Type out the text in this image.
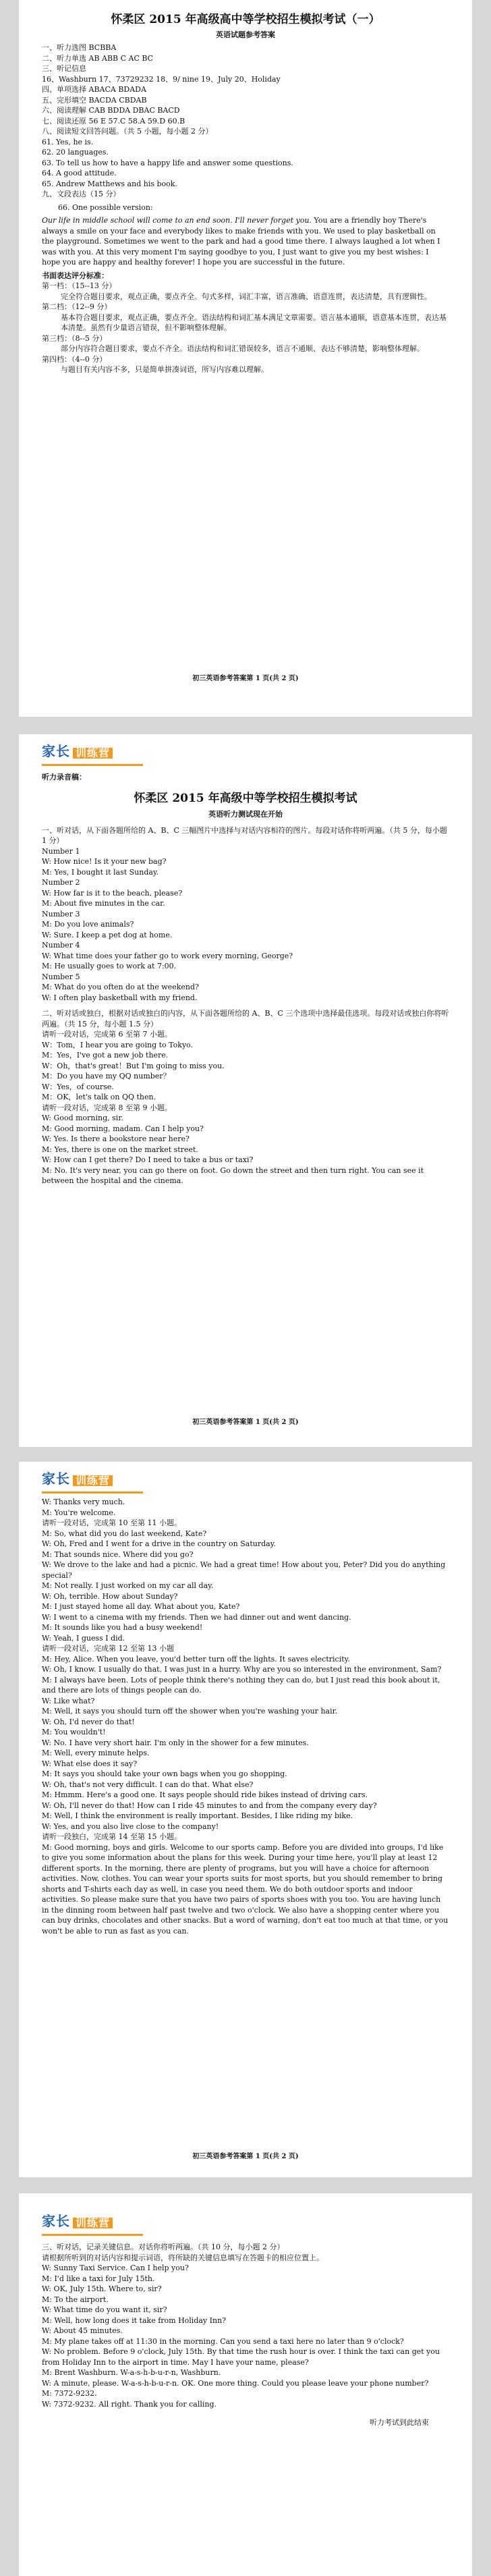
怀柔区 2015 年高级高中等学校招生模拟考试（一）
英语试题参考答案

一、听力选图 BCBBA

二、听力单选 AB ABB C AC BC

三、听记信息

16、Washburn 17、73729232 18、9/ nine 19、July 20、Holiday

四、单项选择 ABACA BDADA

五、完形填空 BACDA CBDAB

六、阅读理解 CAB BDDA DBAC BACD

七、阅读还原 56 E 57.C 58.A 59.D 60.B

八、阅读短文回答问题。（共 5 小题，每小题 2 分）

61. Yes, he is.

62. 20 languages.

63. To tell us how to have a happy life and answer some questions.

64. A good attitude.

65. Andrew Matthews and his book.

九、文段表达（15 分）

66. One possible version:

Our life in middle school will come to an end soon. I'll never forget you. You are a friendly boy There's always a smile on your face and everybody likes to make friends with you. We used to play basketball on the playground. Sometimes we went to the park and had a good time there. I always laughed a lot when I was with you. At this very moment I'm saying goodbye to you, I just want to give you my best wishes: I hope you are happy and healthy forever! I hope you are successful in the future.

书面表达评分标准：

第一档：（15--13 分）

完全符合题目要求，观点正确，要点齐全。句式多样，词汇丰富，语言准确、语意连贯，表达清楚，具有逻辑性。

第二档：（12--9 分）

基本符合题目要求，观点正确，要点齐全。语法结构和词汇基本满足文章需要。语言基本通顺，语意基本连贯，表达基本清楚。虽然有少量语言错误，但不影响整体理解。

第三档：（8--5 分）

部分内容符合题目要求，要点不齐全。语法结构和词汇错误较多，语言不通顺、表达不够清楚，影响整体理解。

第四档：（4--0 分）

与题目有关内容不多，只是简单拼凑词语，所写内容难以理解。

初三英语参考答案第 1 页(共 2 页)
家长 训练营
听力录音稿：
怀柔区 2015 年高级中等学校招生模拟考试
英语听力测试现在开始

一、听对话，从下面各题所给的 A、B、C 三幅图片中选择与对话内容相符的图片。每段对话你将听两遍。（共 5 分，每小题 1 分）

Number 1

W: How nice! Is it your new bag?

M: Yes, I bought it last Sunday.

Number 2

W: How far is it to the beach, please?

M: About five minutes in the car.

Number 3

M: Do you love animals?

W: Sure. I keep a pet dog at home.

Number 4

W: What time does your father go to work every morning, George?

M: He usually goes to work at 7:00.

Number 5

M: What do you often do at the weekend?

W: I often play basketball with my friend.

二、听对话或独白，根据对话或独白的内容，从下面各题所给的 A、B、C 三个选项中选择最佳选项。每段对话或独白你将听两遍。（共 15 分，每小题 1.5 分）

请听一段对话，完成第 6 至第 7 小题。

W：Tom，I hear you are going to Tokyo.

M：Yes，I've got a new job there.

W：Oh，that's great！But I'm going to miss you.

M：Do you have my QQ number？

W：Yes，of course.

M：OK，let's talk on QQ then.

请听一段对话，完成第 8 至第 9 小题。

W: Good morning, sir.

M: Good morning, madam. Can I help you?

W: Yes. Is there a bookstore near here?

M: Yes, there is one on the market street.

W: How can I get there? Do I need to take a bus or taxi?

M: No. It's very near, you can go there on foot. Go down the street and then turn right. You can see it between the hospital and the cinema.

初三英语参考答案第 1 页(共 2 页)
家长 训练营

W: Thanks very much.

M: You're welcome.

请听一段对话，完成第 10 至第 11 小题。

M: So, what did you do last weekend, Kate?

W: Oh, Fred and I went for a drive in the country on Saturday.

M: That sounds nice. Where did you go?

W: We drove to the lake and had a picnic. We had a great time! How about you, Peter? Did you do anything special?

M: Not really. I just worked on my car all day.

W: Oh, terrible. How about Sunday?

M: I just stayed home all day. What about you, Kate?

W: I went to a cinema with my friends. Then we had dinner out and went dancing.

M: It sounds like you had a busy weekend!

W: Yeah, I guess I did.

请听一段对话，完成第 12 至第 13 小题

M: Hey, Alice. When you leave, you'd better turn off the lights. It saves electricity.

W: Oh, I know. I usually do that. I was just in a hurry. Why are you so interested in the environment, Sam?

M: I always have been. Lots of people think there's nothing they can do, but I just read this book about it, and there are lots of things people can do.

W: Like what?

M: Well, it says you should turn off the shower when you're washing your hair.

W: Oh, I'd never do that!

M: You wouldn't!

W: No. I have very short hair. I'm only in the shower for a few minutes.

M: Well, every minute helps.

W: What else does it say?

M: It says you should take your own bags when you go shopping.

W: Oh, that's not very difficult. I can do that. What else?

M: Hmmm. Here's a good one. It says people should ride bikes instead of driving cars.

W: Oh, I'll never do that! How can I ride 45 minutes to and from the company every day?

M: Well, I think the environment is really important. Besides, I like riding my bike.

W: Yes, and you also live close to the company!

请听一段独白，完成第 14 至第 15 小题。

M: Good morning, boys and girls. Welcome to our sports camp. Before you are divided into groups, I'd like to give you some information about the plans for this week. During your time here, you'll play at least 12 different sports. In the morning, there are plenty of programs, but you will have a choice for afternoon activities. Now, clothes. You can wear your sports suits for most sports, but you should remember to bring shorts and T-shirts each day as well, in case you need them. We do both outdoor sports and indoor activities. So please make sure that you have two pairs of sports shoes with you too. You are having lunch in the dinning room between half past twelve and two o'clock. We also have a shopping center where you can buy drinks, chocolates and other snacks. But a word of warning, don't eat too much at that time, or you won't be able to run as fast as you can.

初三英语参考答案第 1 页(共 2 页)
家长 训练营

三、听对话，记录关键信息。对话你将听两遍。（共 10 分，每小题 2 分）

请根据所听到的对话内容和提示词语，将所缺的关键信息填写在答题卡的相应位置上。

W: Sunny Taxi Service. Can I help you?

M: I'd like a taxi for July 15th.

W: OK, July 15th. Where to, sir?

M: To the airport.

W: What time do you want it, sir?

M: Well, how long does it take from Holiday Inn?

W: About 45 minutes.

M: My plane takes off at 11:30 in the morning. Can you send a taxi here no later than 9 o'clock?

W: No problem. Before 9 o'clock, July 15th. By that time the rush hour is over. I think the taxi can get you from Holiday Inn to the airport in time. May I have your name, please?

M: Brent Washburn. W-a-s-h-b-u-r-n, Washburn.

W: A minute, please. W-a-s-h-b-u-r-n. OK. One more thing. Could you please leave your phone number?

M: 7372-9232.

W: 7372-9232. All right. Thank you for calling.

听力考试到此结束
